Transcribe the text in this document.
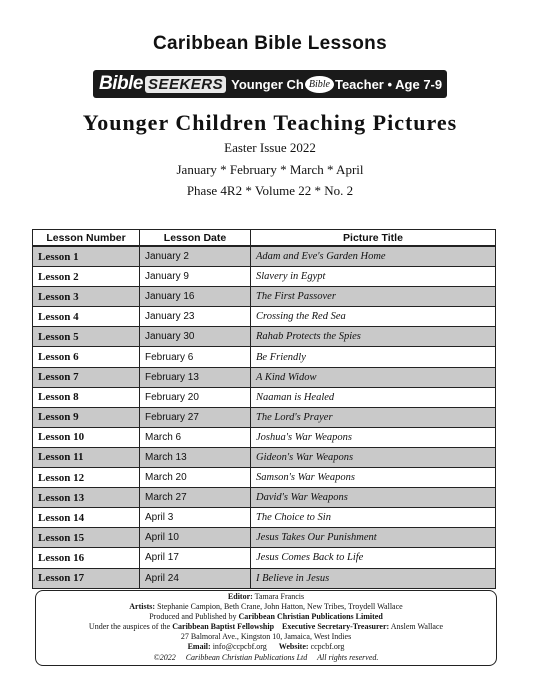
Caribbean Bible Lessons
Bible SEEKERS Younger Ch Bible Teacher • Age 7-9
Younger Children Teaching Pictures
Easter Issue 2022
January * February * March * April
Phase 4R2 * Volume 22 * No. 2
Lesson Number	Lesson Date	Picture Title
Lesson 1	January 2	Adam and Eve's Garden Home
Lesson 2	January 9	Slavery in Egypt
Lesson 3	January 16	The First Passover
Lesson 4	January 23	Crossing the Red Sea
Lesson 5	January 30	Rahab Protects the Spies
Lesson 6	February 6	Be Friendly
Lesson 7	February 13	A Kind Widow
Lesson 8	February 20	Naaman is Healed
Lesson 9	February 27	The Lord's Prayer
Lesson 10	March 6	Joshua's War Weapons
Lesson 11	March 13	Gideon's War Weapons
Lesson 12	March 20	Samson's War Weapons
Lesson 13	March 27	David's War Weapons
Lesson 14	April 3	The Choice to Sin
Lesson 15	April 10	Jesus Takes Our Punishment
Lesson 16	April 17	Jesus Comes Back to Life
Lesson 17	April 24	I Believe in Jesus
Editor: Tamara Francis
Artists: Stephanie Campion, Beth Crane, John Hatton, New Tribes, Troydell Wallace
Produced and Published by Caribbean Christian Publications Limited
Under the auspices of the Caribbean Baptist Fellowship Executive Secretary-Treasurer: Anslem Wallace
27 Balmoral Ave., Kingston 10, Jamaica, West Indies
Email: info@ccpcbf.org Website: ccpcbf.org
©2022 Caribbean Christian Publications Ltd All rights reserved.
